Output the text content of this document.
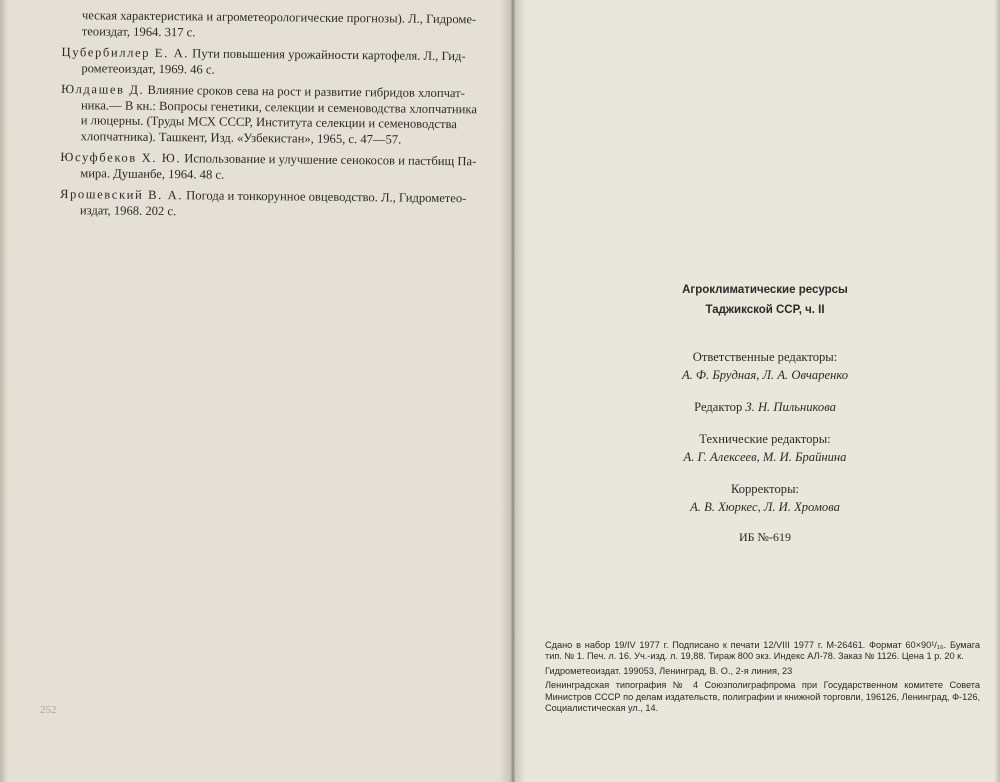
ческая характеристика и агрометеорологические прогнозы). Л., Гидроме-теоиздат, 1964. 317 с.
Цубербиллер Е. А. Пути повышения урожайности картофеля. Л., Гид-рометеоиздат, 1969. 46 с.
Юлдашев Д. Влияние сроков сева на рост и развитие гибридов хлопчат-ника.— В кн.: Вопросы генетики, селекции и семеноводства хлопчатника и люцерны. (Труды МСХ СССР, Института селекции и семеноводства хлопчатника). Ташкент, Изд. «Узбекистан», 1965, с. 47—57.
Юсуфбеков Х. Ю. Использование и улучшение сенокосов и пастбищ Па-мира. Душанбе, 1964. 48 с.
Ярошевский В. А. Погода и тонкорунное овцеводство. Л., Гидрометео-издат, 1968. 202 с.
252
Агроклиматические ресурсы
Таджикской ССР, ч. II
Ответственные редакторы:
А. Ф. Брудная, Л. А. Овчаренко
Редактор З. Н. Пильникова
Технические редакторы:
А. Г. Алексеев, М. И. Брайнина
Корректоры:
А. В. Хюркес, Л. И. Хромова
ИБ №-619

Сдано в набор 19/IV 1977 г. Подписано к печати 12/VIII 1977 г. М-26461. Формат 60×90¹/₁₆. Бумага тип. № 1. Печ. л. 16. Уч.-изд. л. 19,88. Тираж 800 экз. Индекс АЛ-78. Заказ № 1126. Цена 1 р. 20 к.

Гидрометеоиздат. 199053, Ленинград, В. О., 2-я линия, 23

Ленинградская типография № 4 Союзполиграфпрома при Государственном комитете Совета Министров СССР по делам издательств, полиграфии и книжной торговли, 196126, Ленинград, Ф-126, Социалистическая ул., 14.
